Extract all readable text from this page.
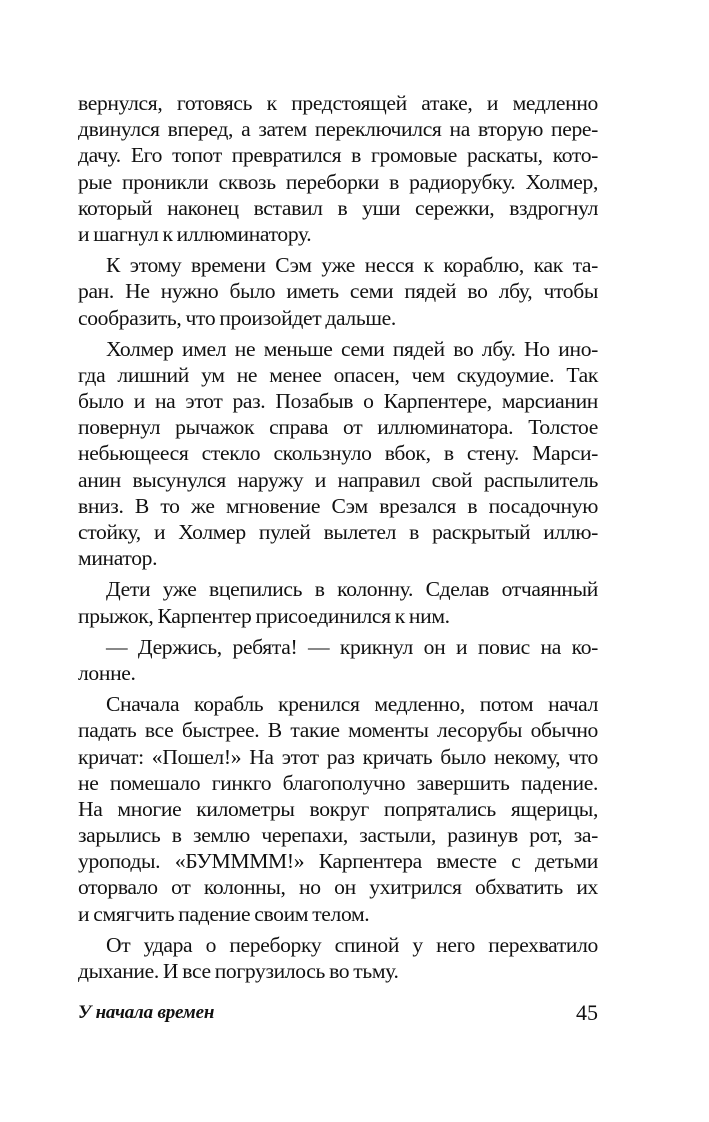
вернулся, готовясь к предстоящей атаке, и медленно
двинулся вперед, а затем переключился на вторую пере-
дачу. Его топот превратился в громовые раскаты, кото-
рые проникли сквозь переборки в радиорубку. Холмер,
который наконец вставил в уши сережки, вздрогнул
и шагнул к иллюминатору.
К этому времени Сэм уже несся к кораблю, как та-
ран. Не нужно было иметь семи пядей во лбу, чтобы
сообразить, что произойдет дальше.
Холмер имел не меньше семи пядей во лбу. Но ино-
гда лишний ум не менее опасен, чем скудоумие. Так
было и на этот раз. Позабыв о Карпентере, марсианин
повернул рычажок справа от иллюминатора. Толстое
небьющееся стекло скользнуло вбок, в стену. Марси-
анин высунулся наружу и направил свой распылитель
вниз. В то же мгновение Сэм врезался в посадочную
стойку, и Холмер пулей вылетел в раскрытый иллю-
минатор.
Дети уже вцепились в колонну. Сделав отчаянный
прыжок, Карпентер присоединился к ним.
— Держись, ребята! — крикнул он и повис на ко-
лонне.
Сначала корабль кренился медленно, потом начал
падать все быстрее. В такие моменты лесорубы обычно
кричат: «Пошел!» На этот раз кричать было некому, что
не помешало гинкго благополучно завершить падение.
На многие километры вокруг попрятались ящерицы,
зарылись в землю черепахи, застыли, разинув рот, за-
уроподы. «БУММММ!» Карпентера вместе с детьми
оторвало от колонны, но он ухитрился обхватить их
и смягчить падение своим телом.
От удара о переборку спиной у него перехватило
дыхание. И все погрузилось во тьму.
У начала времен	45
